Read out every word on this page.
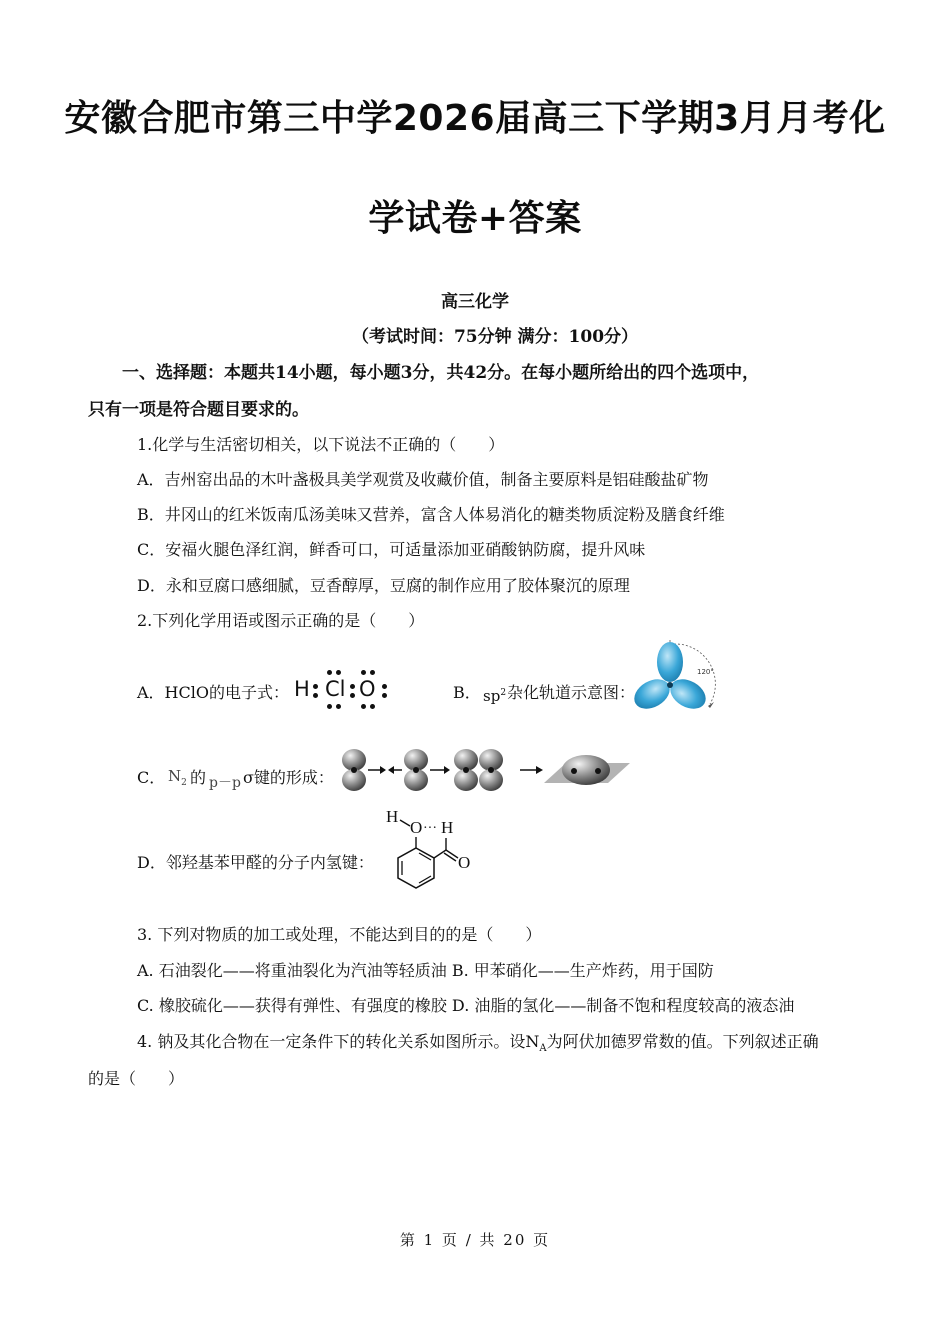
安徽合肥市第三中学2026届高三下学期3月月考化
学试卷+答案
高三化学
（考试时间：75分钟 满分：100分）
一、选择题：本题共14小题，每小题3分，共42分。在每小题所给出的四个选项中，
只有一项是符合题目要求的。
1.化学与生活密切相关，以下说法不正确的（　　）
A．吉州窑出品的木叶盏极具美学观赏及收藏价值，制备主要原料是铝硅酸盐矿物
B．井冈山的红米饭南瓜汤美味又营养，富含人体易消化的糖类物质淀粉及膳食纤维
C．安福火腿色泽红润，鲜香可口，可适量添加亚硝酸钠防腐，提升风味
D．永和豆腐口感细腻，豆香醇厚，豆腐的制作应用了胶体聚沉的原理
2.下列化学用语或图示正确的是（　　）
A．HClO的电子式： H Cl O	B． $sp^2$ 杂化轨道示意图：
120°
C． $N_2$ 的 p－p σ键的形成：
D．邻羟基苯甲醛的分子内氢键：
H
O ··· H
O
3. 下列对物质的加工或处理，不能达到目的的是（　　）
A. 石油裂化——将重油裂化为汽油等轻质油 B. 甲苯硝化——生产炸药，用于国防
C. 橡胶硫化——获得有弹性、有强度的橡胶 D. 油脂的氢化——制备不饱和程度较高的液态油
4. 钠及其化合物在一定条件下的转化关系如图所示。设$N_A$为阿伏加德罗常数的值。下列叙述正确
的是（　　）
第 1 页 / 共 20 页
